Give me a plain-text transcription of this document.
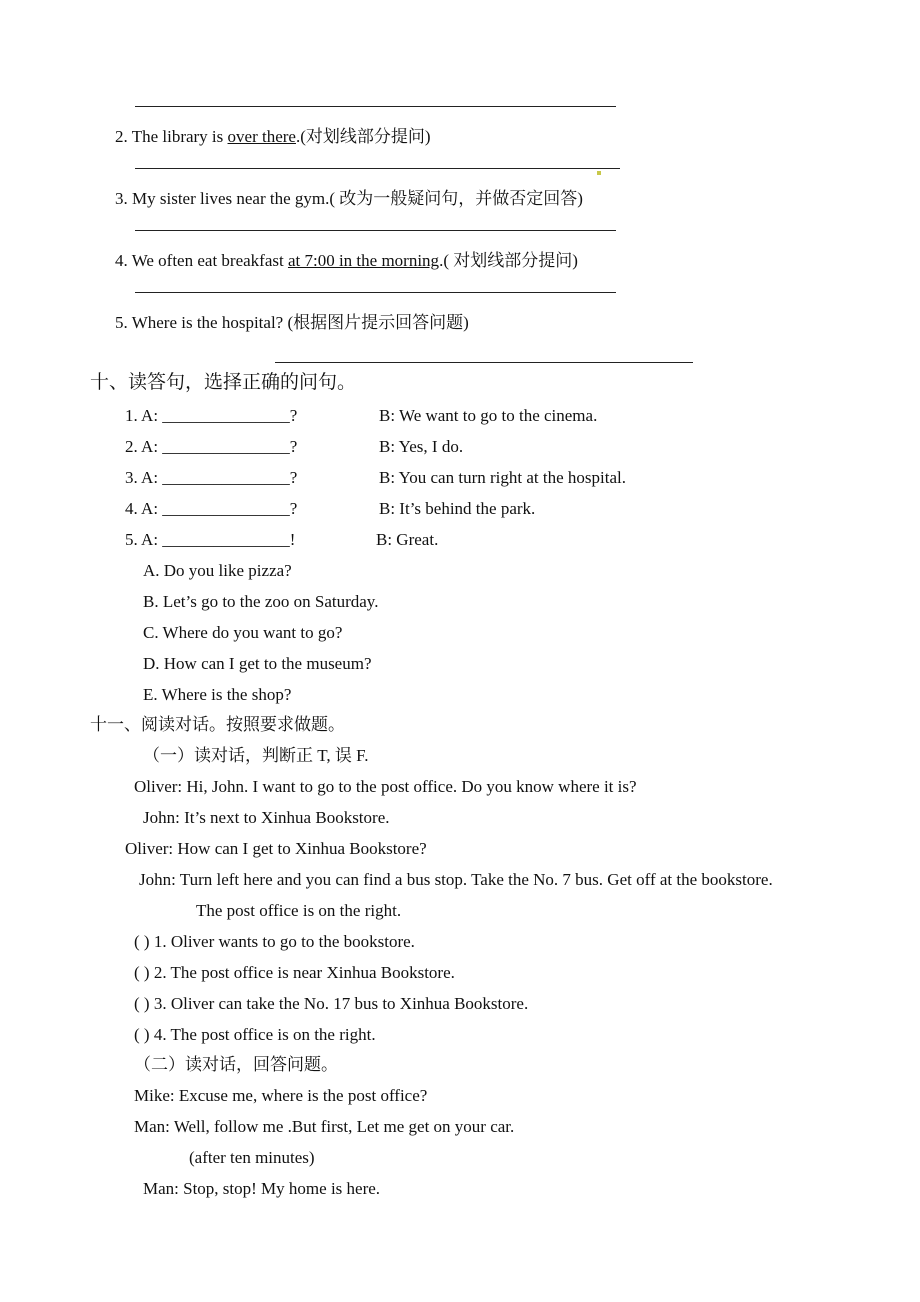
2. The library is over there.(对划线部分提问)
3. My sister lives near the gym.( 改为一般疑问句，并做否定回答)
4. We often eat breakfast at 7:00 in the morning.( 对划线部分提问)
5. Where is the hospital? (根据图片提示回答问题)
十、读答句，选择正确的问句。
1. A: _______________?	B: We want to go to the cinema.
2. A: _______________?	B: Yes, I do.
3. A: _______________?	B: You can turn right at the hospital.
4. A: _______________?	B: It’s behind the park.
5. A: _______________!	B: Great.
A. Do you like pizza?
B. Let’s go to the zoo on Saturday.
C. Where do you want to go?
D. How can I get to the museum?
E. Where is the shop?
十一、阅读对话。按照要求做题。
（一）读对话，判断正 T, 误 F.
Oliver: Hi, John. I want to go to the post office. Do you know where it is?
John: It’s next to Xinhua Bookstore.
Oliver: How can I get to Xinhua Bookstore?
John: Turn left here and you can find a bus stop. Take the No. 7 bus. Get off at the bookstore.
The post office is on the right.
( ) 1. Oliver wants to go to the bookstore.
( ) 2. The post office is near Xinhua Bookstore.
( ) 3. Oliver can take the No. 17 bus to Xinhua Bookstore.
( ) 4. The post office is on the right.
（二）读对话，回答问题。
Mike: Excuse me, where is the post office?
Man: Well, follow me .But first, Let me get on your car.
(after ten minutes)
Man: Stop, stop! My home is here.
